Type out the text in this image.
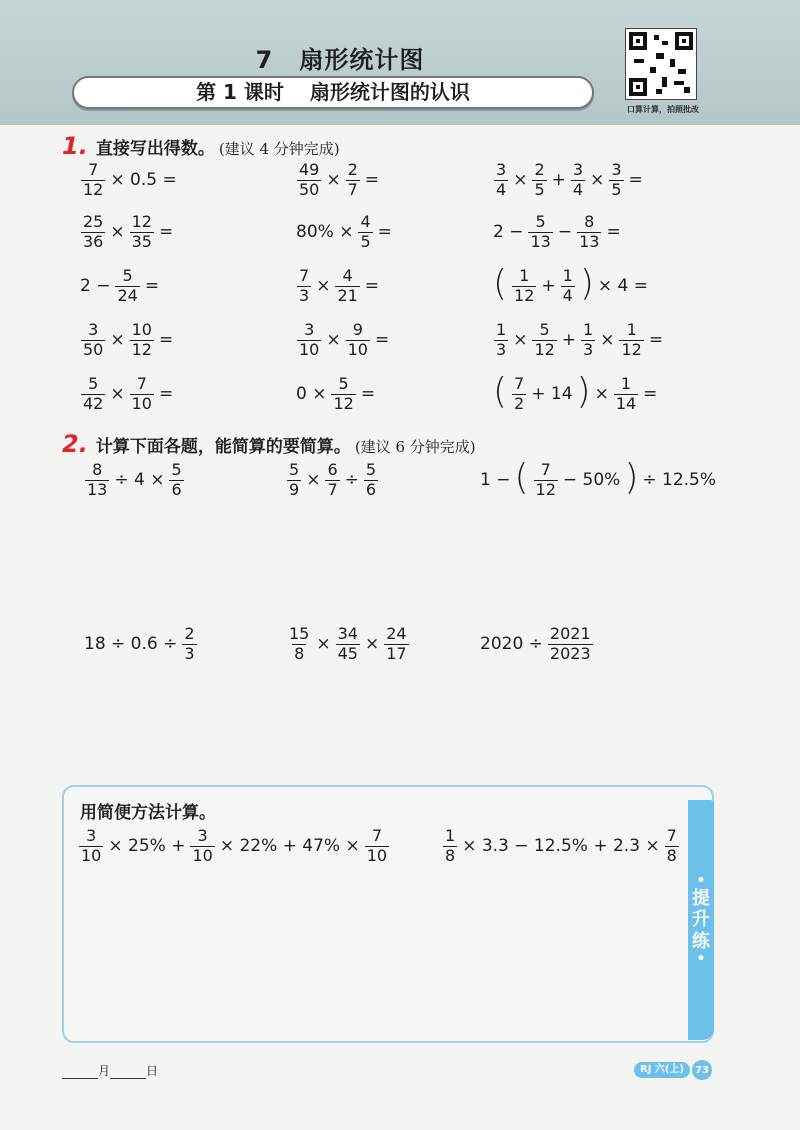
7 扇形统计图
第 1 课时 扇形统计图的认识
口算计算，拍照批改
1. 直接写出得数。 (建议 4 分钟完成)
$\frac{7}{12} \times 0.5$ =	$\frac{49}{50} \times \frac{2}{7}$ =	$\frac{3}{4} \times \frac{2}{5} + \frac{3}{4} \times \frac{3}{5}$ =
$\frac{25}{36} \times \frac{12}{35}$ =	$80\% \times \frac{4}{5}$ =	$2 - \frac{5}{13} - \frac{8}{13}$ =
$2 - \frac{5}{24}$ =	$\frac{7}{3} \times \frac{4}{21}$ =	( $\frac{1}{12} + \frac{1}{4}$ ) × 4 =
$\frac{3}{50} \times \frac{10}{12}$ =	$\frac{3}{10} \times \frac{9}{10}$ =	$\frac{1}{3} \times \frac{5}{12} + \frac{1}{3} \times \frac{1}{12}$ =
$\frac{5}{42} \times \frac{7}{10}$ =	$0 \times \frac{5}{12}$ =	( $\frac{7}{2} + 14$ ) × $\frac{1}{14}$ =
2. 计算下面各题，能简算的要简算。 (建议 6 分钟完成)
$\frac{8}{13} \div 4 \times \frac{5}{6}$	$\frac{5}{9} \times \frac{6}{7} \div \frac{5}{6}$	1 − ( $\frac{7}{12} - 50\%$ ) ÷ 12.5%
$18 \div 0.6 \div \frac{2}{3}$	$\frac{15}{8} \times \frac{34}{45} \times \frac{24}{17}$	$2020 \div \frac{2021}{2023}$
用简便方法计算。
$\frac{3}{10} \times 25\% + \frac{3}{10} \times 22\% + 47\% \times \frac{7}{10}$	$\frac{1}{8} \times 3.3 - 12.5\% + 2.3 \times \frac{7}{8}$
•
提
升
练
•
月	日	RJ 六(上)	73
